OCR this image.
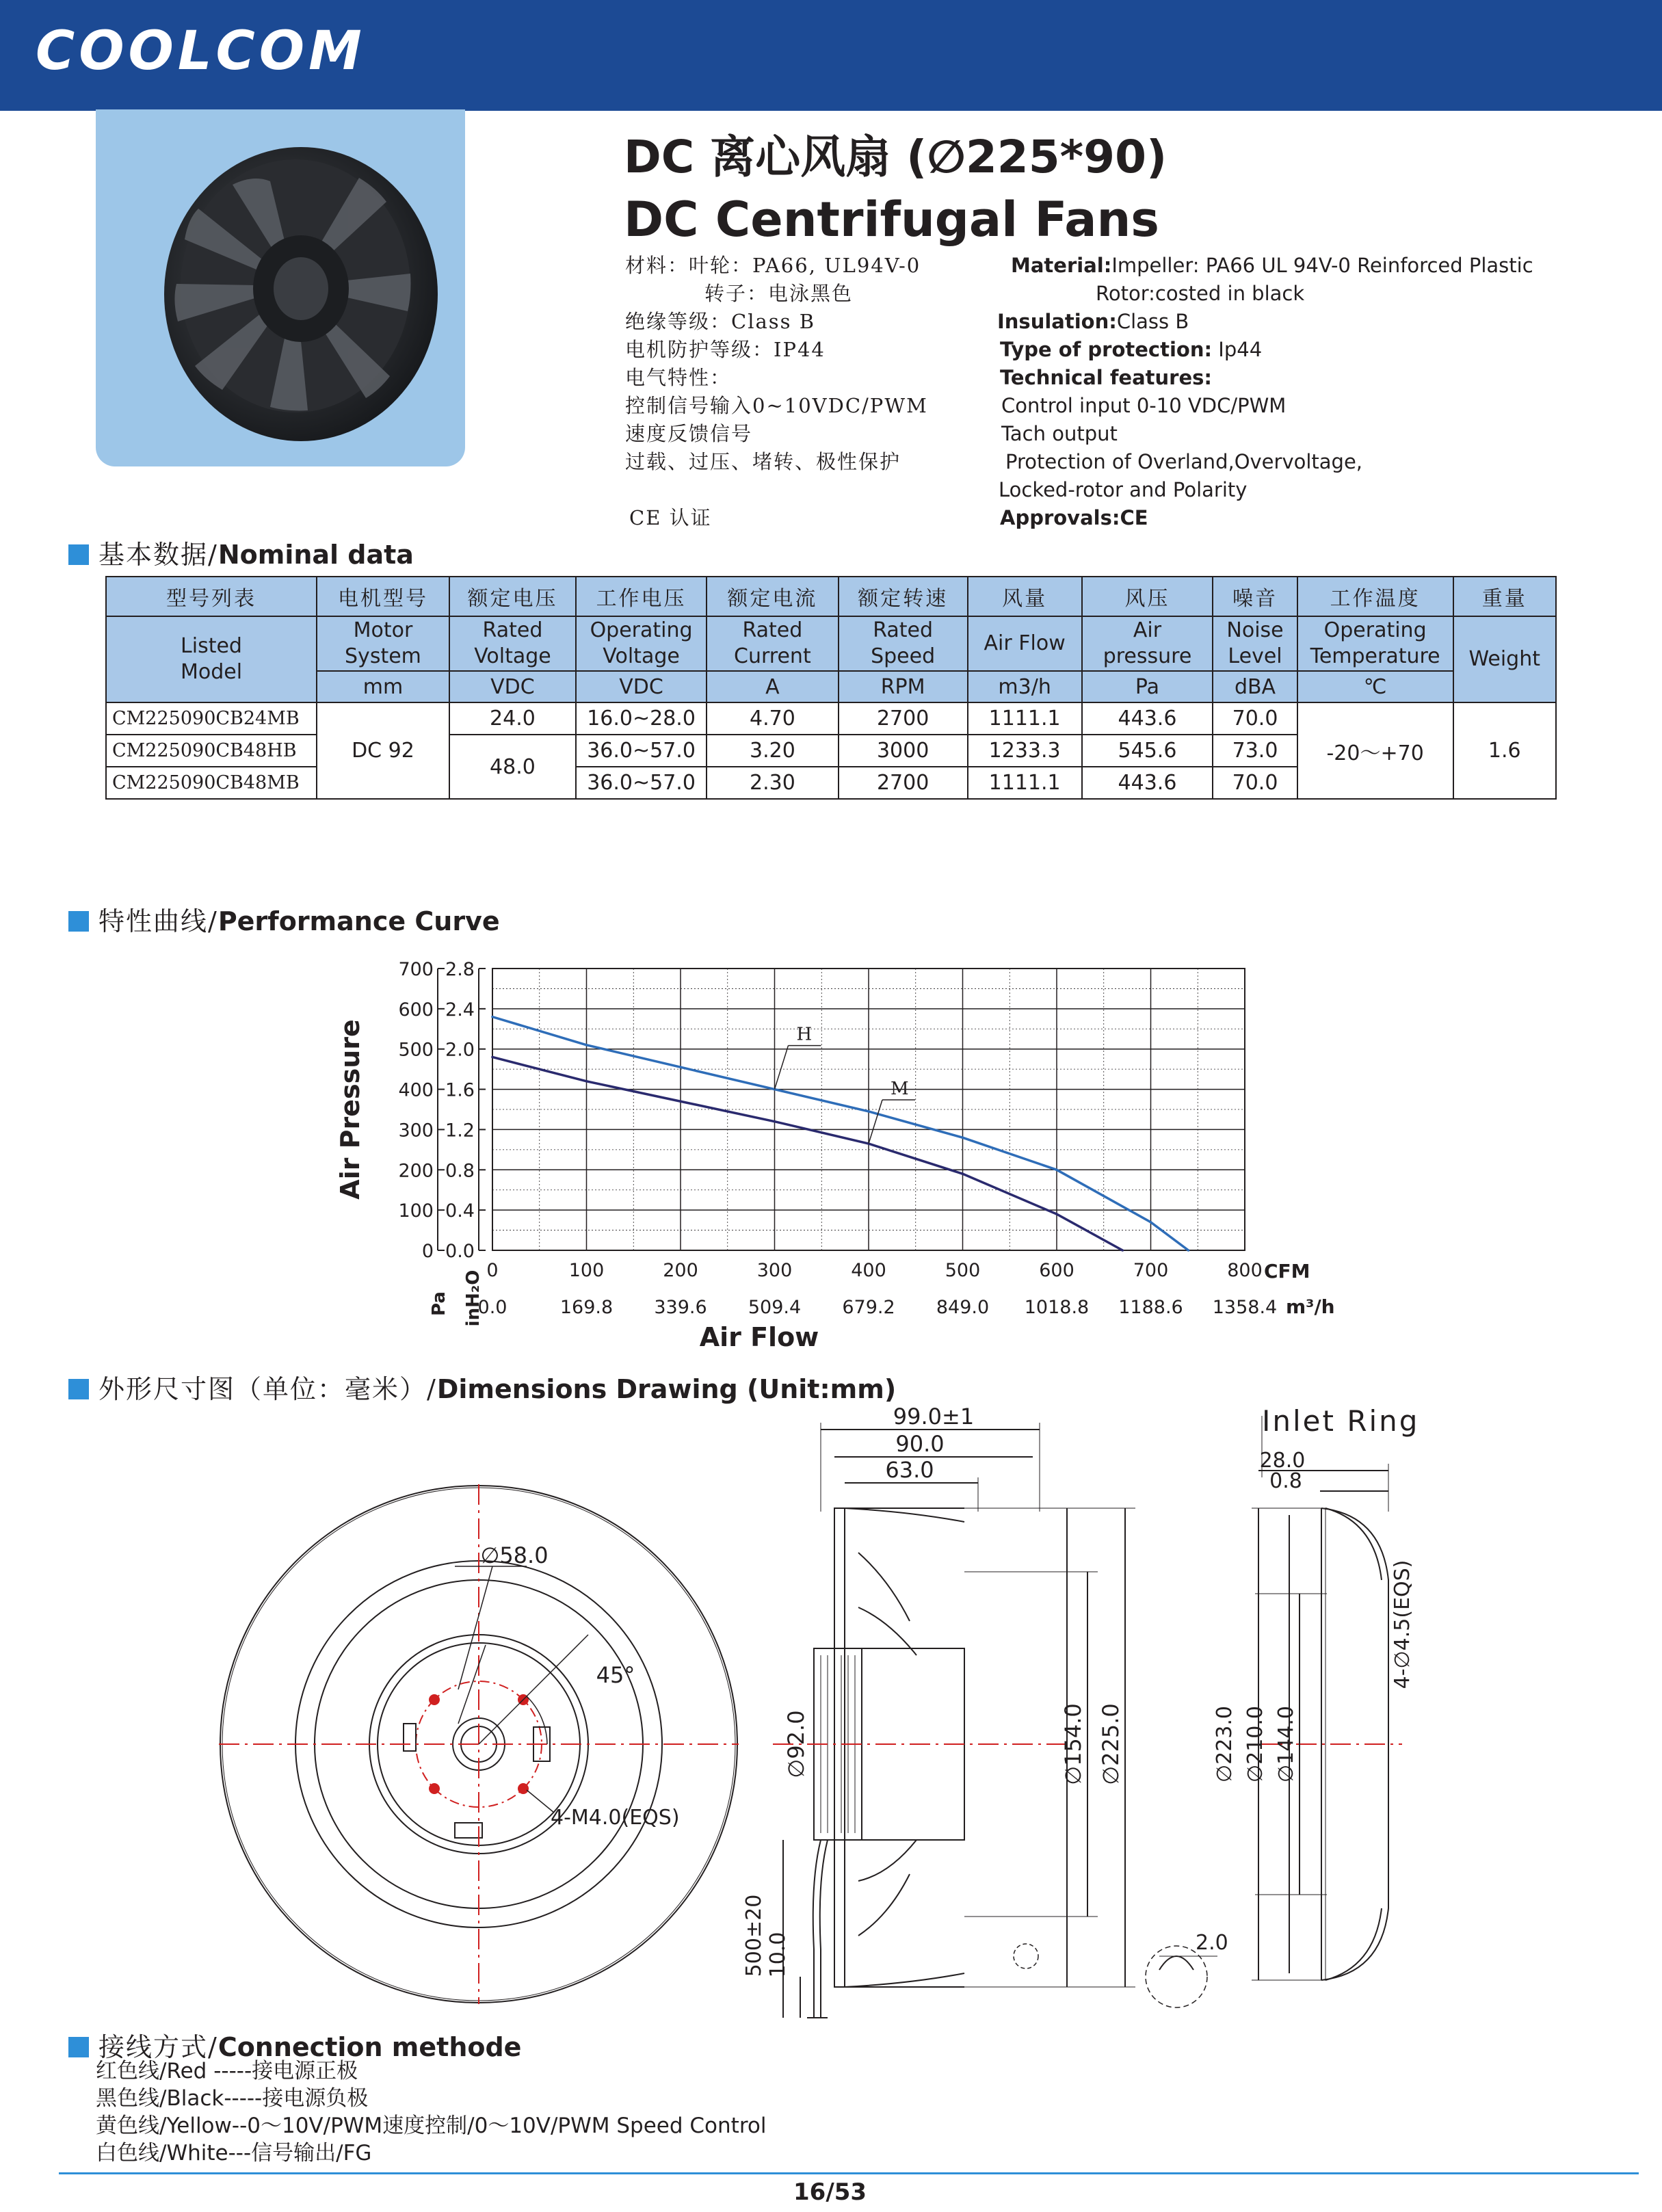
COOLCOM
DC 离心风扇 (∅225*90)
DC Centrifugal Fans
材料：叶轮：PA66, UL94V-0
转子：电泳黑色
绝缘等级：Class B
电机防护等级：IP44
电气特性：
控制信号输入0~10VDC/PWM
速度反馈信号
过载、过压、堵转、极性保护
CE 认证
Material:Impeller: PA66 UL 94V-0 Reinforced Plastic
Rotor:costed in black
Insulation:Class B
Type of protection: Ip44
Technical features:
Control input 0-10 VDC/PWM
Tach output
Protection of Overland,Overvoltage,
Locked-rotor and Polarity
Approvals:CE
基本数据/Nominal data
型号列表	电机型号	额定电压	工作电压	额定电流	额定转速	风量	风压	噪音	工作温度	重量
Listed Model	Motor System	Rated Voltage	Operating Voltage	Rated Current	Rated Speed	Air Flow	Air pressure	Noise Level	Operating Temperature	Weight
	mm	VDC	VDC	A	RPM	m3/h	Pa	dBA	℃	
CM225090CB24MB	DC 92	24.0	16.0~28.0	4.70	2700	1111.1	443.6	70.0	-20～+70	1.6
CM225090CB48HB		48.0	36.0~57.0	3.20	3000	1233.3	545.6	73.0		
CM225090CB48MB			36.0~57.0	2.30	2700	1111.1	443.6	70.0		
特性曲线/Performance Curve
0
100
200
300
400
500
600
700
0.0
0.4
0.8
1.2
1.6
2.0
2.4
2.8
0	100	200	300	400	500	600	700	800
0.0	169.8 339.6 509.4 679.2 849.0 1018.8 1188.6 1358.4
H
M
Air Pressure
Air Flow
CFM
m³/h
Pa inH₂O
外形尺寸图（单位：毫米）/Dimensions Drawing (Unit:mm)
∅58.0
45°
4-M4.0(EQS)
99.0±1
90.0
63.0
∅92.0	∅154.0 ∅225.0
500±20 10.0	2.0
Inlet Ring
28.0
0.8
∅223.0 ∅210.0 ∅144.0
4-∅4.5(EQS)
接线方式/Connection methode
红色线/Red -----接电源正极
黑色线/Black-----接电源负极
黄色线/Yellow--0～10V/PWM速度控制/0～10V/PWM Speed Control
白色线/White---信号输出/FG
16/53
